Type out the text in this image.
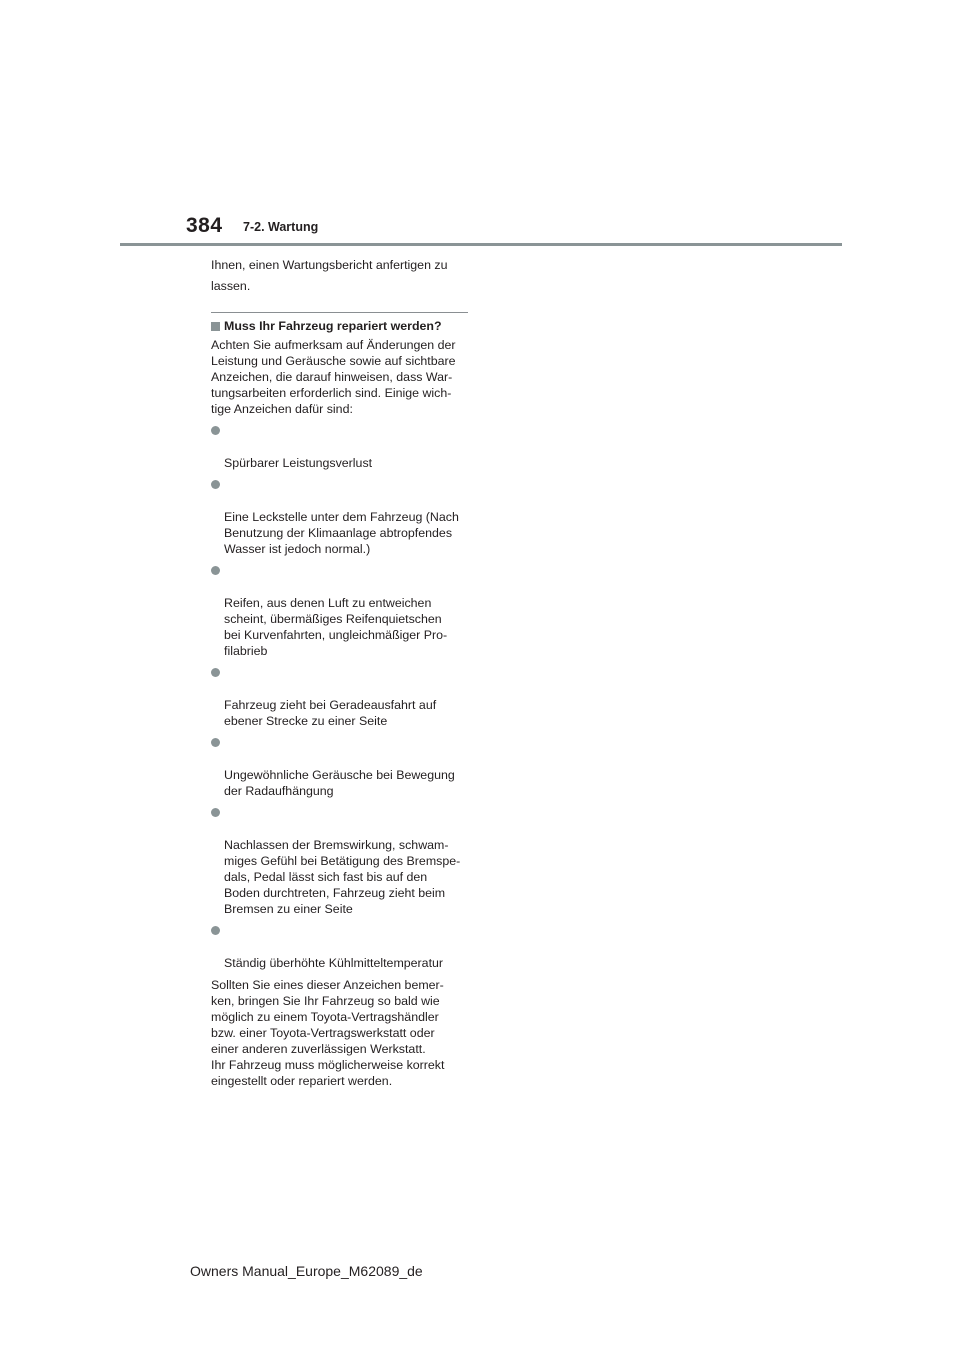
384 7-2. Wartung

Ihnen, einen Wartungsbericht anfertigen zu lassen.

Muss Ihr Fahrzeug repariert werden?

Achten Sie aufmerksam auf Änderungen der
Leistung und Geräusche sowie auf sichtbare
Anzeichen, die darauf hinweisen, dass War-
tungsarbeiten erforderlich sind. Einige wich-
tige Anzeichen dafür sind:

Spürbarer Leistungsverlust

Eine Leckstelle unter dem Fahrzeug (Nach
Benutzung der Klimaanlage abtropfendes
Wasser ist jedoch normal.)

Reifen, aus denen Luft zu entweichen
scheint, übermäßiges Reifenquietschen
bei Kurvenfahrten, ungleichmäßiger Pro-
filabrieb

Fahrzeug zieht bei Geradeausfahrt auf
ebener Strecke zu einer Seite

Ungewöhnliche Geräusche bei Bewegung
der Radaufhängung

Nachlassen der Bremswirkung, schwam-
miges Gefühl bei Betätigung des Bremspe-
dals, Pedal lässt sich fast bis auf den
Boden durchtreten, Fahrzeug zieht beim
Bremsen zu einer Seite

Ständig überhöhte Kühlmitteltemperatur

Sollten Sie eines dieser Anzeichen bemer-
ken, bringen Sie Ihr Fahrzeug so bald wie
möglich zu einem Toyota-Vertragshändler
bzw. einer Toyota-Vertragswerkstatt oder
einer anderen zuverlässigen Werkstatt.
Ihr Fahrzeug muss möglicherweise korrekt
eingestellt oder repariert werden.

Owners Manual_Europe_M62089_de
